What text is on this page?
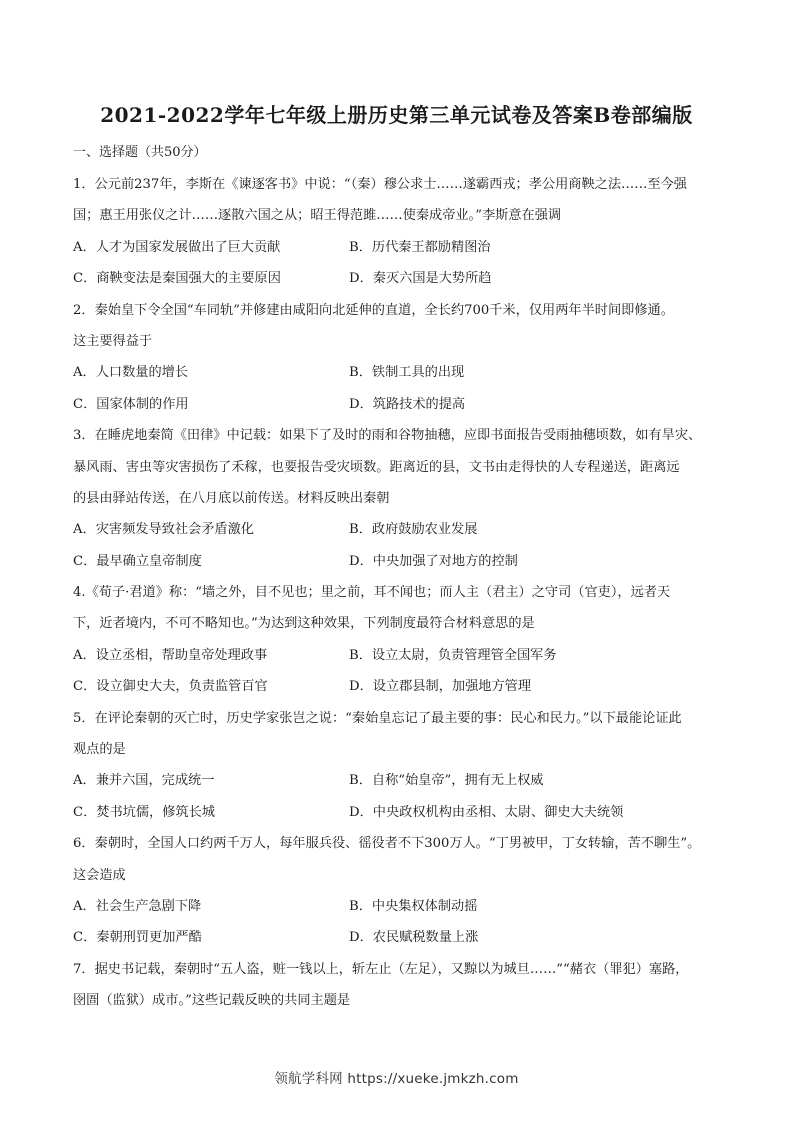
2021-2022学年七年级上册历史第三单元试卷及答案B卷部编版
一、选择题（共50分）
1．公元前237年，李斯在《谏逐客书》中说：“（秦）穆公求士……遂霸西戎；孝公用商鞅之法……至今强
国；惠王用张仪之计……逐散六国之从；昭王得范雎……使秦成帝业。”李斯意在强调
A．人才为国家发展做出了巨大贡献	B．历代秦王都励精图治
C．商鞅变法是秦国强大的主要原因	D．秦灭六国是大势所趋
2．秦始皇下令全国“车同轨”并修建由咸阳向北延伸的直道，全长约700千米，仅用两年半时间即修通。
这主要得益于
A．人口数量的增长	B．铁制工具的出现
C．国家体制的作用	D．筑路技术的提高
3．在睡虎地秦简《田律》中记载：如果下了及时的雨和谷物抽穗，应即书面报告受雨抽穗顷数，如有旱灾、
暴风雨、害虫等灾害损伤了禾稼，也要报告受灾顷数。距离近的县，文书由走得快的人专程递送，距离远
的县由驿站传送，在八月底以前传送。材料反映出秦朝
A．灾害频发导致社会矛盾激化	B．政府鼓励农业发展
C．最早确立皇帝制度	D．中央加强了对地方的控制
4.《荀子·君道》称：“墙之外，目不见也；里之前，耳不闻也；而人主（君主）之守司（官吏），远者天
下，近者境内，不可不略知也。”为达到这种效果，下列制度最符合材料意思的是
A．设立丞相，帮助皇帝处理政事	B．设立太尉，负责管理管全国军务
C．设立御史大夫，负责监管百官	D．设立郡县制，加强地方管理
5．在评论秦朝的灭亡时，历史学家张岂之说：“秦始皇忘记了最主要的事：民心和民力。”以下最能论证此
观点的是
A．兼并六国，完成统一	B．自称“始皇帝”，拥有无上权威
C．焚书坑儒，修筑长城	D．中央政权机构由丞相、太尉、御史大夫统领
6．秦朝时，全国人口约两千万人，每年服兵役、徭役者不下300万人。“丁男被甲，丁女转输，苦不聊生”。
这会造成
A．社会生产急剧下降	B．中央集权体制动摇
C．秦朝刑罚更加严酷	D．农民赋税数量上涨
7．据史书记载，秦朝时“五人盗，赃一钱以上，斩左止（左足），又黥以为城旦……”“赭衣（罪犯）塞路，
囹圄（监狱）成市。”这些记载反映的共同主题是
领航学科网 https://xueke.jmkzh.com
